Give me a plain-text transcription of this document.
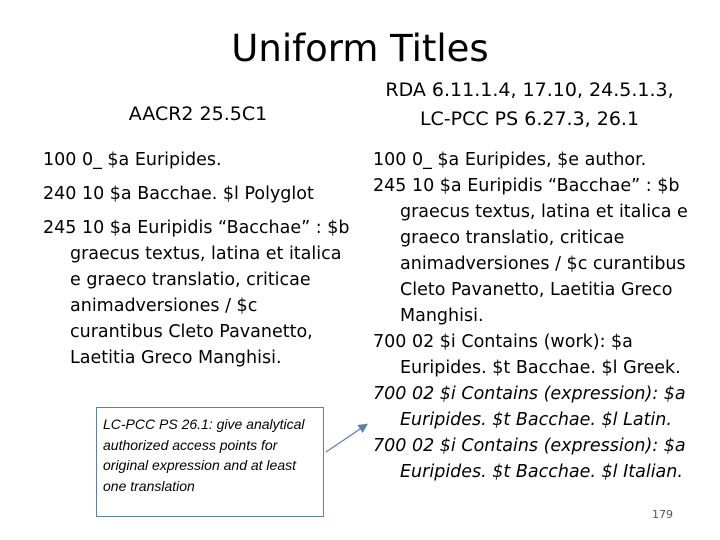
Uniform Titles
AACR2 25.5C1
RDA 6.11.1.4, 17.10, 24.5.1.3,
LC-PCC PS 6.27.3, 26.1
100 0_ $a Euripides.
240 10 $a Bacchae. $l Polyglot
245 10 $a Euripidis “Bacchae” : $b
graecus textus, latina et italica
e graeco translatio, criticae
animadversiones / $c
curantibus Cleto Pavanetto,
Laetitia Greco Manghisi.
100 0_ $a Euripides, $e author.
245 10 $a Euripidis “Bacchae” : $b
graecus textus, latina et italica e
graeco translatio, criticae
animadversiones / $c curantibus
Cleto Pavanetto, Laetitia Greco
Manghisi.
700 02 $i Contains (work): $a
Euripides. $t Bacchae. $l Greek.
700 02 $i Contains (expression): $a
Euripides. $t Bacchae. $l Latin.
700 02 $i Contains (expression): $a
Euripides. $t Bacchae. $l Italian.
LC-PCC PS 26.1: give analytical authorized access points for original expression and at least one translation
179
